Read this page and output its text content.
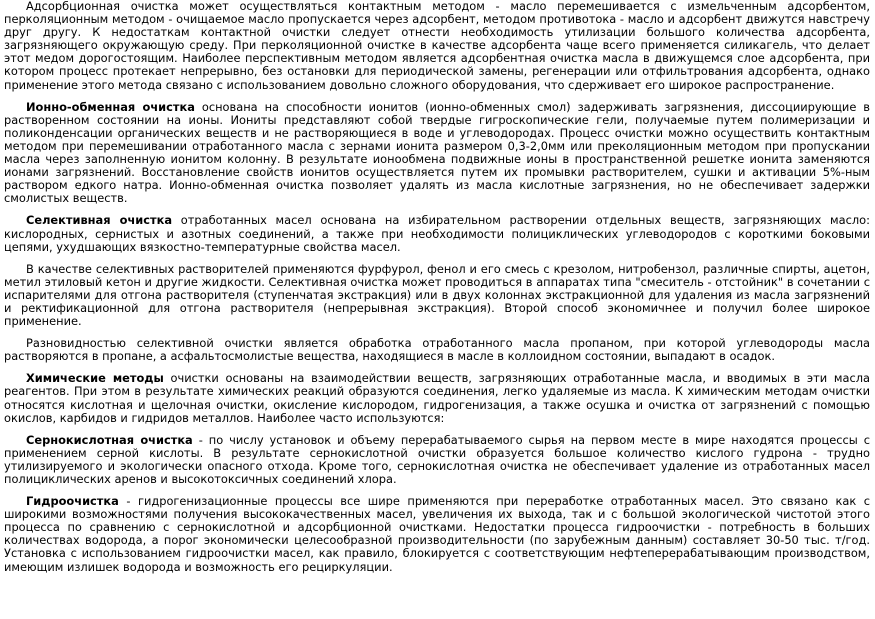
Адсорбционная очистка может осуществляться контактным методом - масло перемешивается с измельченным адсорбентом, перколяционным методом - очищаемое масло пропускается через адсорбент, методом противотока - масло и адсорбент движутся навстречу друг другу. К недостаткам контактной очистки следует отнести необходимость утилизации большого количества адсорбента, загрязняющего окружающую среду. При перколяционной очистке в качестве адсорбента чаще всего применяется силикагель, что делает этот медом дорогостоящим. Наиболее перспективным методом является адсорбентная очистка масла в движущемся слое адсорбента, при котором процесс протекает непрерывно, без остановки для периодической замены, регенерации или отфильтрования адсорбента, однако применение этого метода связано с использованием довольно сложного оборудования, что сдерживает его широкое распространение.

Ионно-обменная очистка основана на способности ионитов (ионно-обменных смол) задерживать загрязнения, диссоциирующие в растворенном состоянии на ионы. Иониты представляют собой твердые гигроскопические гели, получаемые путем полимеризации и поликонденсации органических веществ и не растворяющиеся в воде и углеводородах. Процесс очистки можно осуществить контактным методом при перемешивании отработанного масла с зернами ионита размером 0,3-2,0мм или преколяционным методом при пропускании масла через заполненную ионитом колонну. В результате ионообмена подвижные ионы в пространственной решетке ионита заменяются ионами загрязнений. Восстановление свойств ионитов осуществляется путем их промывки растворителем, сушки и активации 5%-ным раствором едкого натра. Ионно-обменная очистка позволяет удалять из масла кислотные загрязнения, но не обеспечивает задержки смолистых веществ.

Селективная очистка отработанных масел основана на избирательном растворении отдельных веществ, загрязняющих масло: кислородных, сернистых и азотных соединений, а также при необходимости полициклических углеводородов с короткими боковыми цепями, ухудшающих вязкостно-температурные свойства масел.

В качестве селективных растворителей применяются фурфурол, фенол и его смесь с крезолом, нитробензол, различные спирты, ацетон, метил этиловый кетон и другие жидкости. Селективная очистка может проводиться в аппаратах типа "смеситель - отстойник" в сочетании с испарителями для отгона растворителя (ступенчатая экстракция) или в двух колоннах экстракционной для удаления из масла загрязнений и ректификационной для отгона растворителя (непрерывная экстракция). Второй способ экономичнее и получил более широкое применение.

Разновидностью селективной очистки является обработка отработанного масла пропаном, при которой углеводороды масла растворяются в пропане, а асфальтосмолистые вещества, находящиеся в масле в коллоидном состоянии, выпадают в осадок.

Химические методы очистки основаны на взаимодействии веществ, загрязняющих отработанные масла, и вводимых в эти масла реагентов. При этом в результате химических реакций образуются соединения, легко удаляемые из масла. К химическим методам очистки относятся кислотная и щелочная очистки, окисление кислородом, гидрогенизация, а также осушка и очистка от загрязнений с помощью окислов, карбидов и гидридов металлов. Наиболее часто используются:

Сернокислотная очистка - по числу установок и объему перерабатываемого сырья на первом месте в мире находятся процессы с применением серной кислоты. В результате сернокислотной очистки образуется большое количество кислого гудрона - трудно утилизируемого и экологически опасного отхода. Кроме того, сернокислотная очистка не обеспечивает удаление из отработанных масел полициклических аренов и высокотоксичных соединений хлора.

Гидроочистка - гидрогенизационные процессы все шире применяются при переработке отработанных масел. Это связано как с широкими возможностями получения высококачественных масел, увеличения их выхода, так и с большой экологической чистотой этого процесса по сравнению с сернокислотной и адсорбционной очистками. Недостатки процесса гидроочистки - потребность в больших количествах водорода, а порог экономически целесообразной производительности (по зарубежным данным) составляет 30-50 тыс. т/год. Установка с использованием гидроочистки масел, как правило, блокируется с соответствующим нефтеперерабатывающим производством, имеющим излишек водорода и возможность его рециркуляции.
